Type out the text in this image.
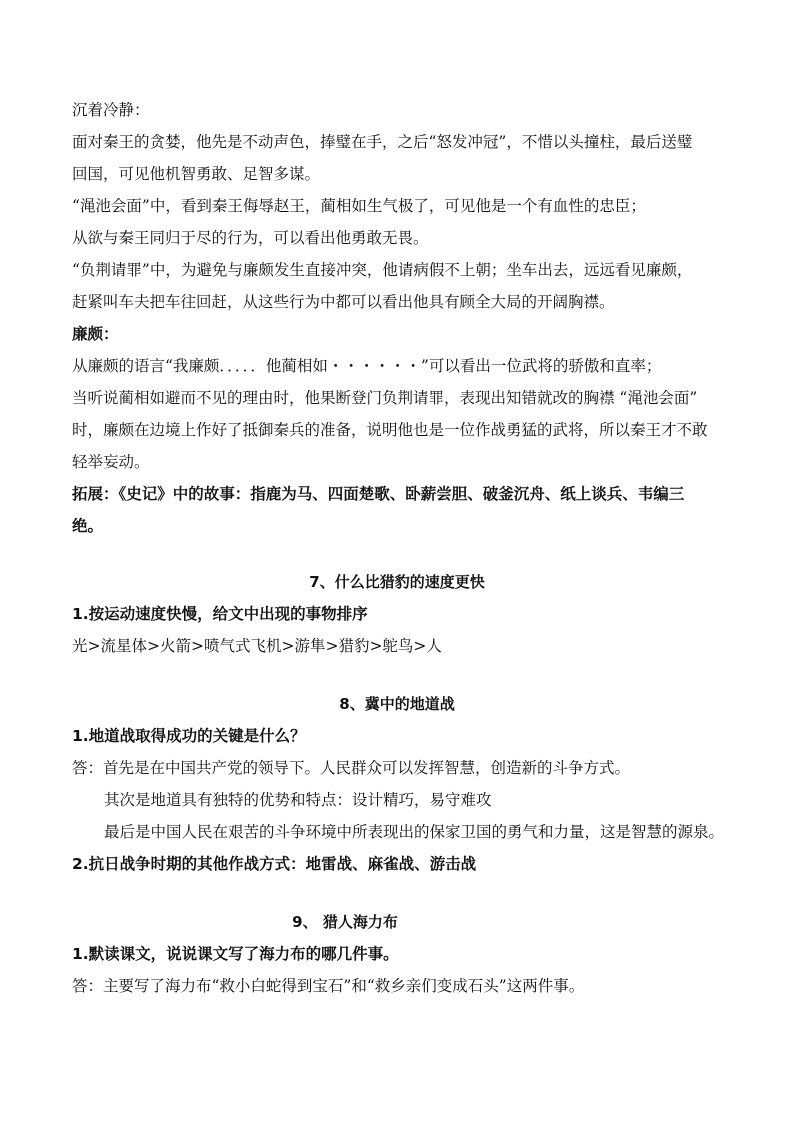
沉着冷静：
面对秦王的贪婪，他先是不动声色，捧璧在手，之后“怒发冲冠”，不惜以头撞柱，最后送璧
回国，可见他机智勇敢、足智多谋。
“渑池会面”中，看到秦王侮辱赵王，蔺相如生气极了，可见他是一个有血性的忠臣；
从欲与秦王同归于尽的行为，可以看出他勇敢无畏。
“负荆请罪”中，为避免与廉颇发生直接冲突，他请病假不上朝；坐车出去，远远看见廉颇，
赶紧叫车夫把车往回赶，从这些行为中都可以看出他具有顾全大局的开阔胸襟。
廉颇：
从廉颇的语言“我廉颇．．．．．他蔺相如・・・・・・”可以看出一位武将的骄傲和直率；
当听说蔺相如避而不见的理由时，他果断登门负荆请罪，表现出知错就改的胸襟 “渑池会面”
时，廉颇在边境上作好了抵御秦兵的准备，说明他也是一位作战勇猛的武将，所以秦王才不敢
轻举妄动。
拓展：《史记》中的故事：指鹿为马、四面楚歌、卧薪尝胆、破釜沉舟、纸上谈兵、韦编三
绝。
7、什么比猎豹的速度更快
1.按运动速度快慢，给文中出现的事物排序
光>流星体>火箭>喷气式飞机>游隼>猎豹>鸵鸟>人
8、冀中的地道战
1.地道战取得成功的关键是什么？
答：首先是在中国共产党的领导下。人民群众可以发挥智慧，创造新的斗争方式。
其次是地道具有独特的优势和特点：设计精巧，易守难攻
最后是中国人民在艰苦的斗争环境中所表现出的保家卫国的勇气和力量，这是智慧的源泉。
2.抗日战争时期的其他作战方式：地雷战、麻雀战、游击战
9、 猎人海力布
1.默读课文，说说课文写了海力布的哪几件事。
答：主要写了海力布“救小白蛇得到宝石”和“救乡亲们变成石头”这两件事。
